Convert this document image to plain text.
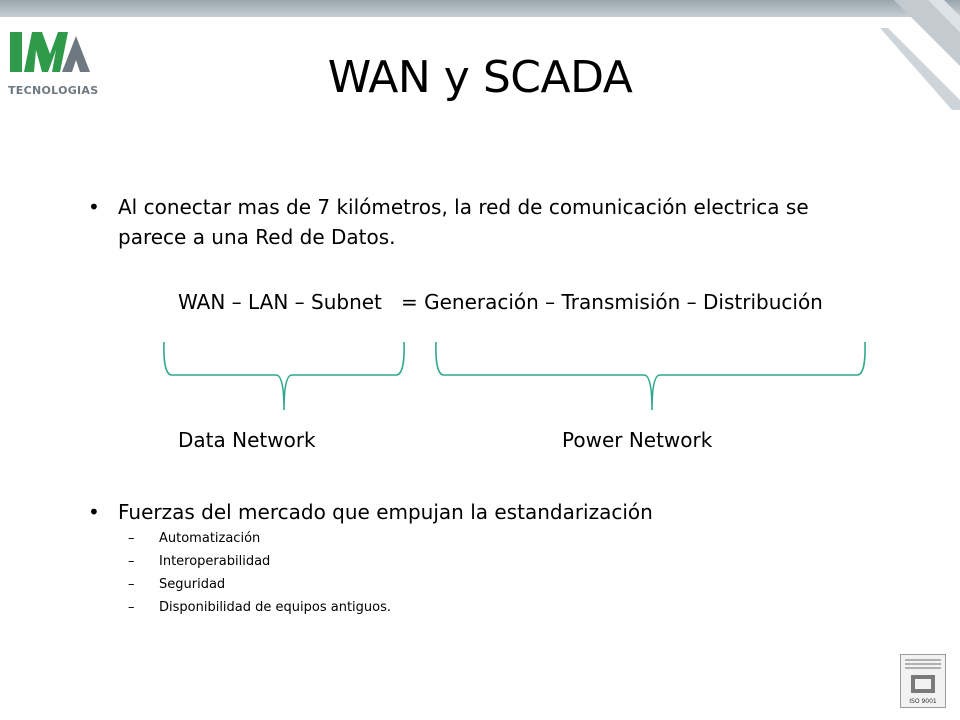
TECNOLOGIAS	WAN y SCADA
• Al conectar mas de 7 kilómetros, la red de comunicación electrica se parece a una Red de Datos.
WAN – LAN – Subnet = Generación – Transmisión – Distribución
Data Network	Power Network
• Fuerzas del mercado que empujan la estandarización
– Automatización
– Interoperabilidad
– Seguridad
– Disponibilidad de equipos antiguos.
ISO 9001
